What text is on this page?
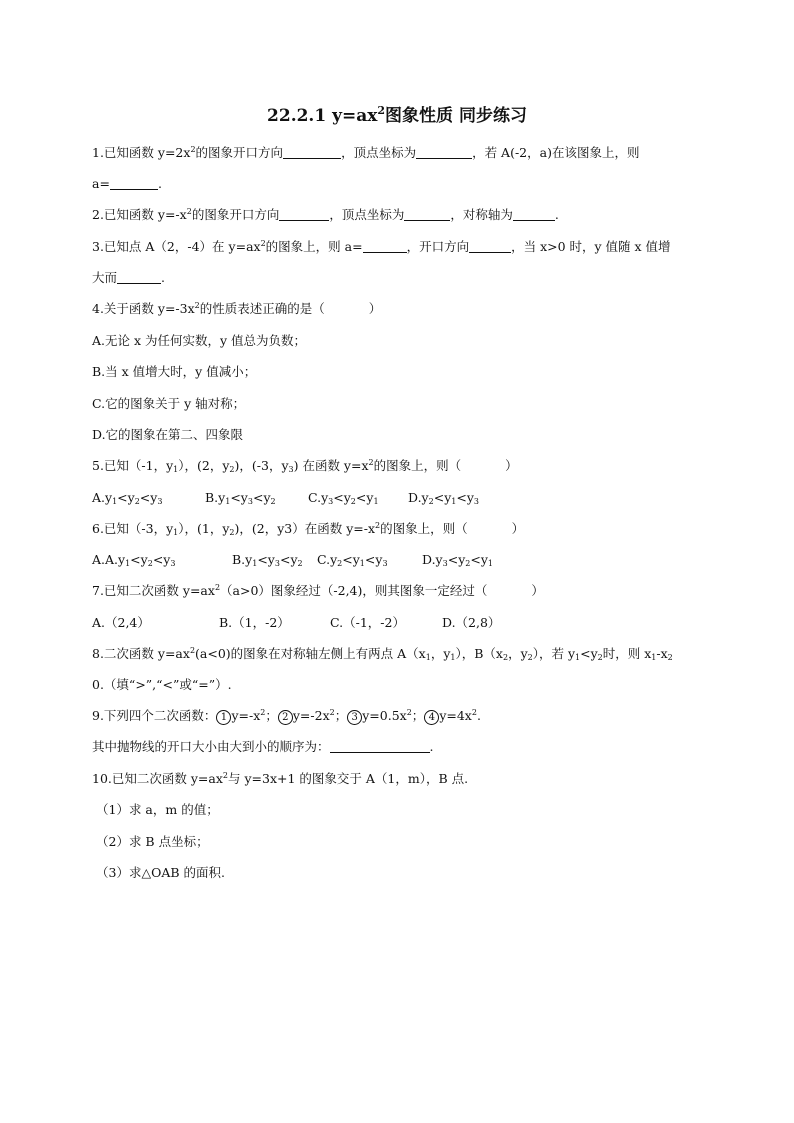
22.2.1 $y=ax^2$图象性质 同步练习
1.已知函数 $y=2x^2$的图象开口方向	，顶点坐标为	，若 A(-2，a)在该图象上，则
a=	.
2.已知函数 $y=-x^2$的图象开口方向	，顶点坐标为	，对称轴为	.
3.已知点 A（2，-4）在 $y=ax^2$的图象上，则 a=	，开口方向	，当 x>0 时，y 值随 x 值增
大而	.
4.关于函数 $y=-3x^2$的性质表述正确的是（	）
A.无论 x 为任何实数，y 值总为负数；
B.当 x 值增大时，y 值减小；
C.它的图象关于 y 轴对称；
D.它的图象在第二、四象限
5.已知（-1，$y_1$），(2，$y_2$)，(-3，$y_3$) 在函数 $y=x^2$的图象上，则（	）
$A.y_1<y_2<y_3$	$B.y_1<y_3<y_2$	$C.y_3<y_2<y_1$ $D.y_2<y_1<y_3$
6.已知（-3，$y_1$），(1，$y_2$)，(2，y3）在函数 $y=-x^2$的图象上，则（	）
$A.A.y_1<y_2<y_3$	$B.y_1<y_3<y_2$ $C.y_2<y_1<y_3$	$D.y_3<y_2<y_1$
7.已知二次函数 $y=ax^2(a>0)$图象经过（-2,4)，则其图象一定经过（	）
A.（2,4）	B.（1，-2）	C.（-1，-2）	D.（2,8）
8.二次函数 $y=ax^2(a<0)$的图象在对称轴左侧上有两点 $A(x_1$，$y_1$），$B(x_2$，$y_2$），若 $y_1<y_2$时，则 $x_1-x_2$
0.（填“>”,“<”或“=”）.
9.下列四个二次函数： 1 $y=-x^2$； 2 $y=-2x^2$； 3 $y=0.5x^2$； 4 $y=4x^2$.
其中抛物线的开口大小由大到小的顺序为：	.
10.已知二次函数 $y=ax^2$与 y=3x+1 的图象交于 A（1，m），B 点.
（1）求 a，m 的值；
（2）求 B 点坐标；
（3）求△OAB 的面积.
